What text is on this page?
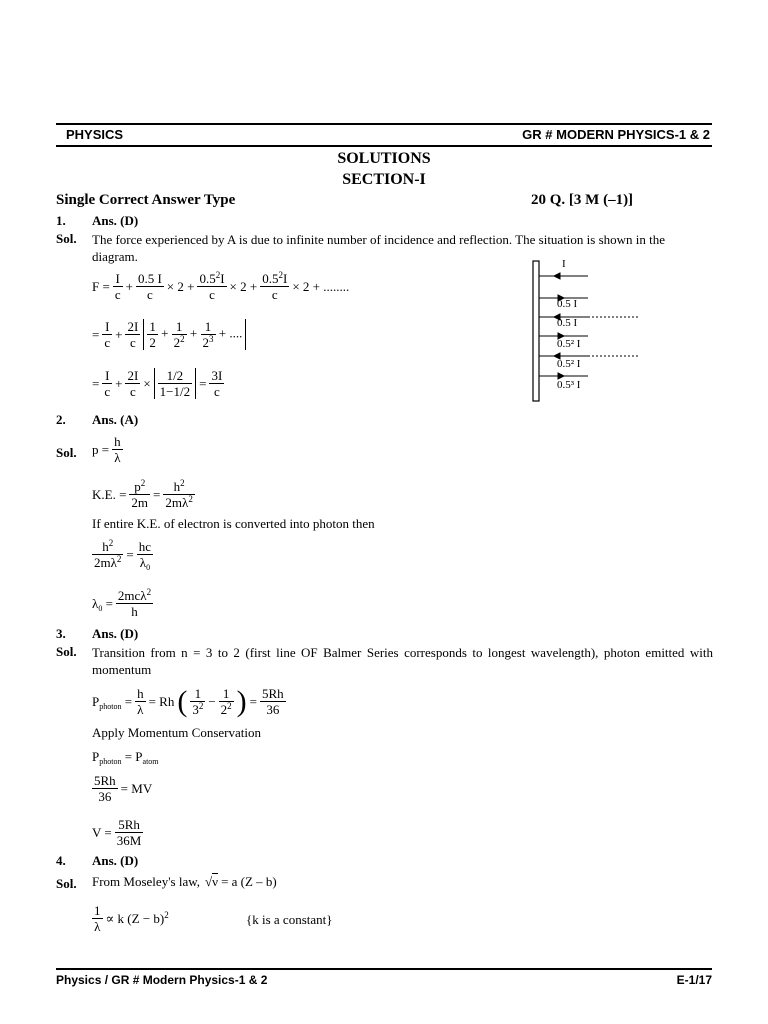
PHYSICS	GR # MODERN PHYSICS-1 & 2
SOLUTIONS
SECTION-I
Single Correct Answer Type	20 Q. [3 M (–1)]
1. Ans. (D)
Sol. The force experienced by A is due to infinite number of incidence and reflection. The situation is shown in the diagram.
$F = \frac{I}{c} + \frac{0.5 I}{c} \times 2 + \frac{0.5^2I}{c} \times 2 + \frac{0.5^2I}{c} \times 2$ + ........
= $\frac{I}{c} + \frac{2I}{c} \frac{1}{2} + \frac{1}{2^2} + \frac{1}{2^3}$ + ....
= $\frac{I}{c} + \frac{2I}{c} \times \frac{1/2}{1-1/2} = \frac{3I}{c}$
I
0.5 I
0.5 I
0.5² I
0.5² I
0.5³ I
2. Ans. (A)
Sol. $p = \frac{h}{\lambda}$
K.E. = $\frac{p^2}{2m} = \frac{h^2}{2m\lambda^2}$
If entire K.E. of electron is converted into photon then
$\frac{h^2}{2m\lambda^2} = \frac{hc}{\lambda_0}$
$\lambda_0 = \frac{2mc\lambda^2}{h}$
3. Ans. (D)
Sol. Transition from n = 3 to 2 (first line OF Balmer Series corresponds to longest wavelength), photon emitted with momentum
$P_{photon} = \frac{h}{\lambda} = Rh$ ( $\frac{1}{3^2} - \frac{1}{2^2}$ ) = $\frac{5Rh}{36}$
Apply Momentum Conservation
$P_{photon} = P_{atom}$
$\frac{5Rh}{36}$ = MV
$V = \frac{5Rh}{36M}$
4. Ans. (D)
Sol. From Moseley's law, √ν = a (Z – b)
$\frac{1}{\lambda} \propto k$ $(Z - b)^2$	{k is a constant}
Physics / GR # Modern Physics-1 & 2	E-1/17
